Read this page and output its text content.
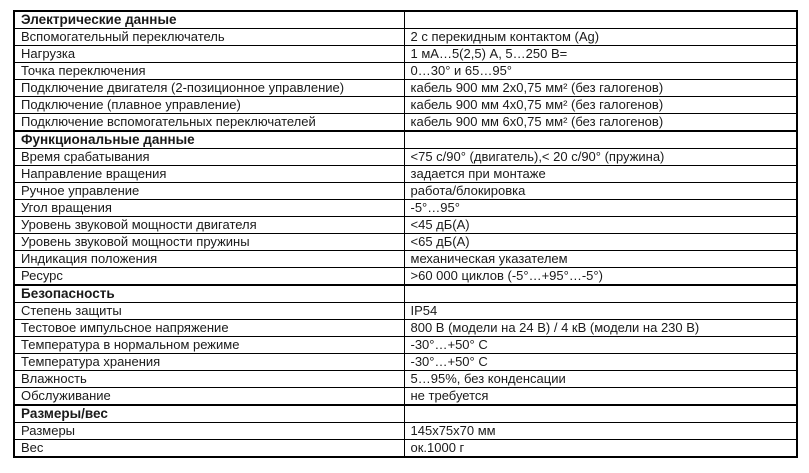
Электрические данные	
Вспомогательный переключатель	2 с перекидным контактом (Ag)
Нагрузка	1 мА…5(2,5) А, 5…250 В=
Точка переключения	0…30° и 65…95°
Подключение двигателя (2-позиционное управление)	кабель 900 мм 2x0,75 мм² (без галогенов)
Подключение (плавное управление)	кабель 900 мм 4x0,75 мм² (без галогенов)
Подключение вспомогательных переключателей	кабель 900 мм 6x0,75 мм² (без галогенов)
Функциональные данные	
Время срабатывания	<75 с/90° (двигатель),< 20 с/90° (пружина)
Направление вращения	задается при монтаже
Ручное управление	работа/блокировка
Угол вращения	-5°…95°
Уровень звуковой мощности двигателя	<45 дБ(А)
Уровень звуковой мощности пружины	<65 дБ(А)
Индикация положения	механическая указателем
Ресурс	>60 000 циклов (-5°…+95°…-5°)
Безопасность	
Степень защиты	IP54
Тестовое импульсное напряжение	800 В (модели на 24 В) / 4 кВ (модели на 230 В)
Температура в нормальном режиме	-30°…+50° C
Температура хранения	-30°…+50° C
Влажность	5…95%, без конденсации
Обслуживание	не требуется
Размеры/вес	
Размеры	145x75x70 мм
Вес	ок.1000 г
